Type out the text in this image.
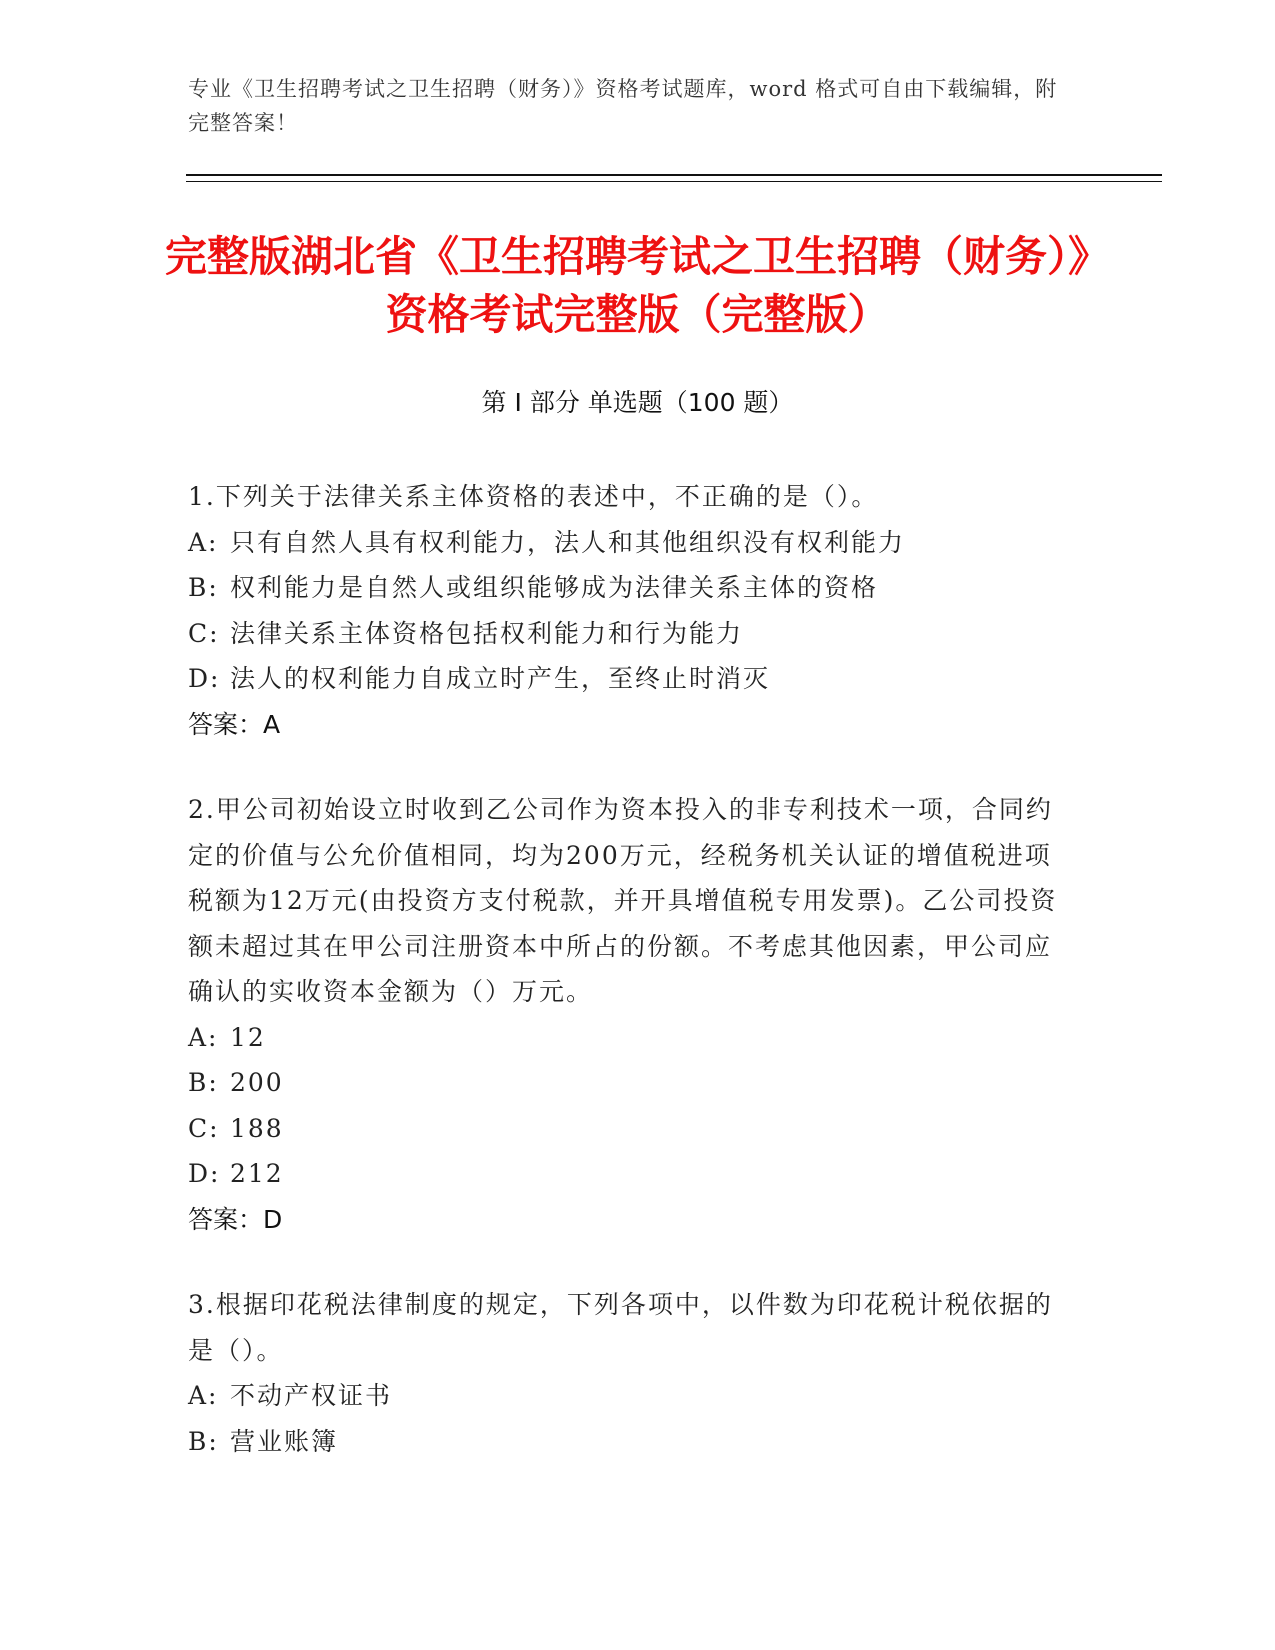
专业《卫生招聘考试之卫生招聘（财务）》资格考试题库，word 格式可自由下载编辑，附完整答案！
完整版湖北省《卫生招聘考试之卫生招聘（财务）》资格考试完整版（完整版）
第 I 部分 单选题（100 题）
1.下列关于法律关系主体资格的表述中，不正确的是（）。
A: 只有自然人具有权利能力，法人和其他组织没有权利能力
B: 权利能力是自然人或组织能够成为法律关系主体的资格
C: 法律关系主体资格包括权利能力和行为能力
D: 法人的权利能力自成立时产生，至终止时消灭
答案：A
2.甲公司初始设立时收到乙公司作为资本投入的非专利技术一项，合同约定的价值与公允价值相同，均为200万元，经税务机关认证的增值税进项税额为12万元(由投资方支付税款，并开具增值税专用发票)。乙公司投资额未超过其在甲公司注册资本中所占的份额。不考虑其他因素，甲公司应确认的实收资本金额为（）万元。
A: 12
B: 200
C: 188
D: 212
答案：D
3.根据印花税法律制度的规定，下列各项中，以件数为印花税计税依据的是（）。
A: 不动产权证书
B: 营业账簿
